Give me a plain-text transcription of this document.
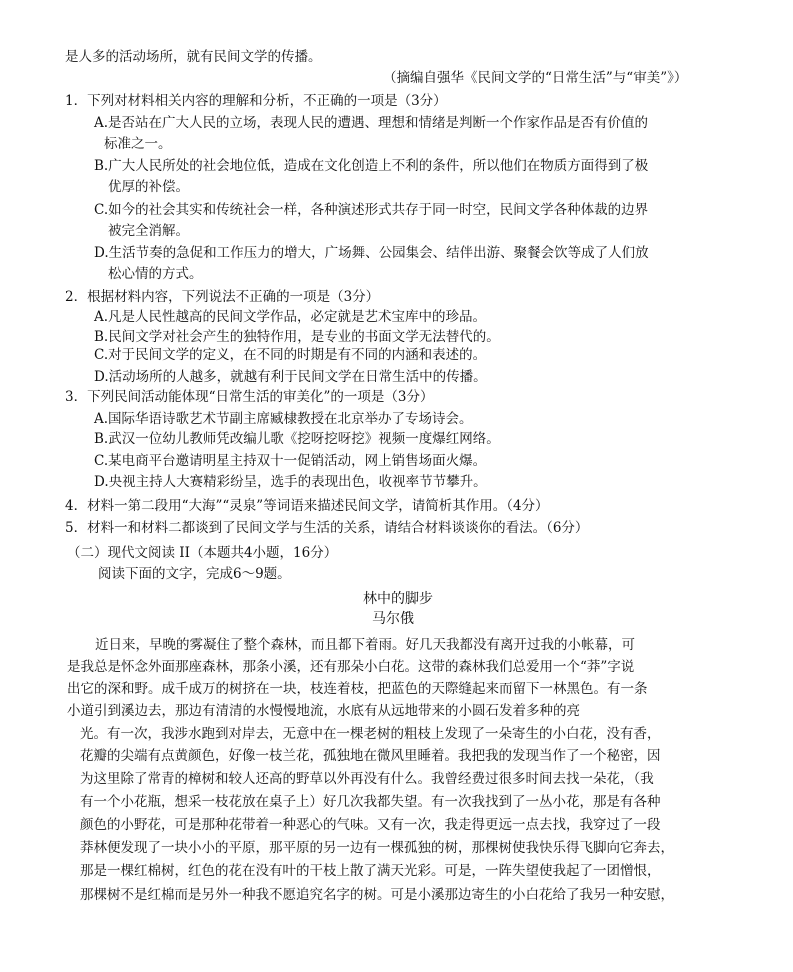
是人多的活动场所，就有民间文学的传播。
（摘编自强华《民间文学的“日常生活”与“审美”》）
1．下列对材料相关内容的理解和分析，不正确的一项是（3分）
A.是否站在广大人民的立场，表现人民的遭遇、理想和情绪是判断一个作家作品是否有价值的
标准之一。
B.广大人民所处的社会地位低，造成在文化创造上不利的条件，所以他们在物质方面得到了极
优厚的补偿。
C.如今的社会其实和传统社会一样，各种演述形式共存于同一时空，民间文学各种体裁的边界
被完全消解。
D.生活节奏的急促和工作压力的增大，广场舞、公园集会、结伴出游、聚餐会饮等成了人们放
松心情的方式。
2．根据材料内容，下列说法不正确的一项是（3分）
A.凡是人民性越高的民间文学作品，必定就是艺术宝库中的珍品。
B.民间文学对社会产生的独特作用，是专业的书面文学无法替代的。
C.对于民间文学的定义，在不同的时期是有不同的内涵和表述的。
D.活动场所的人越多，就越有利于民间文学在日常生活中的传播。
3．下列民间活动能体现“日常生活的审美化”的一项是（3分）
A.国际华语诗歌艺术节副主席臧棣教授在北京举办了专场诗会。
B.武汉一位幼儿教师凭改编儿歌《挖呀挖呀挖》视频一度爆红网络。
C.某电商平台邀请明星主持双十一促销活动，网上销售场面火爆。
D.央视主持人大赛精彩纷呈，选手的表现出色，收视率节节攀升。
4．材料一第二段用“大海”“灵泉”等词语来描述民间文学，请简析其作用。（4分）
5．材料一和材料二都谈到了民间文学与生活的关系，请结合材料谈谈你的看法。（6分）
（二）现代文阅读 II（本题共4小题，16分）
阅读下面的文字，完成6～9题。
林中的脚步
马尔俄
近日来，早晚的雾凝住了整个森林，而且都下着雨。好几天我都没有离开过我的小帐幕，可
是我总是怀念外面那座森林，那条小溪，还有那朵小白花。这带的森林我们总爱用一个“莽”字说
出它的深和野。成千成万的树挤在一块，枝连着枝，把蓝色的天際缝起来而留下一林黑色。有一条
小道引到溪边去，那边有清清的水慢慢地流，水底有从远地带来的小圆石发着多种的亮
光。有一次，我涉水跑到对岸去，无意中在一棵老树的粗枝上发现了一朵寄生的小白花，没有香，
花瓣的尖端有点黄颜色，好像一枝兰花，孤独地在微风里睡着。我把我的发现当作了一个秘密，因
为这里除了常青的樟树和较人还高的野草以外再没有什么。我曾经费过很多时间去找一朵花，（我
有一个小花瓶，想采一枝花放在桌子上）好几次我都失望。有一次我找到了一丛小花，那是有各种
颜色的小野花，可是那种花带着一种恶心的气味。又有一次，我走得更远一点去找，我穿过了一段
莽林便发现了一块小小的平原，那平原的另一边有一棵孤独的树，那棵树使我快乐得飞脚向它奔去，
那是一棵红棉树，红色的花在没有叶的干枝上散了满天光彩。可是，一阵失望使我起了一团憎恨，
那棵树不是红棉而是另外一种我不愿追究名字的树。可是小溪那边寄生的小白花给了我另一种安慰，
